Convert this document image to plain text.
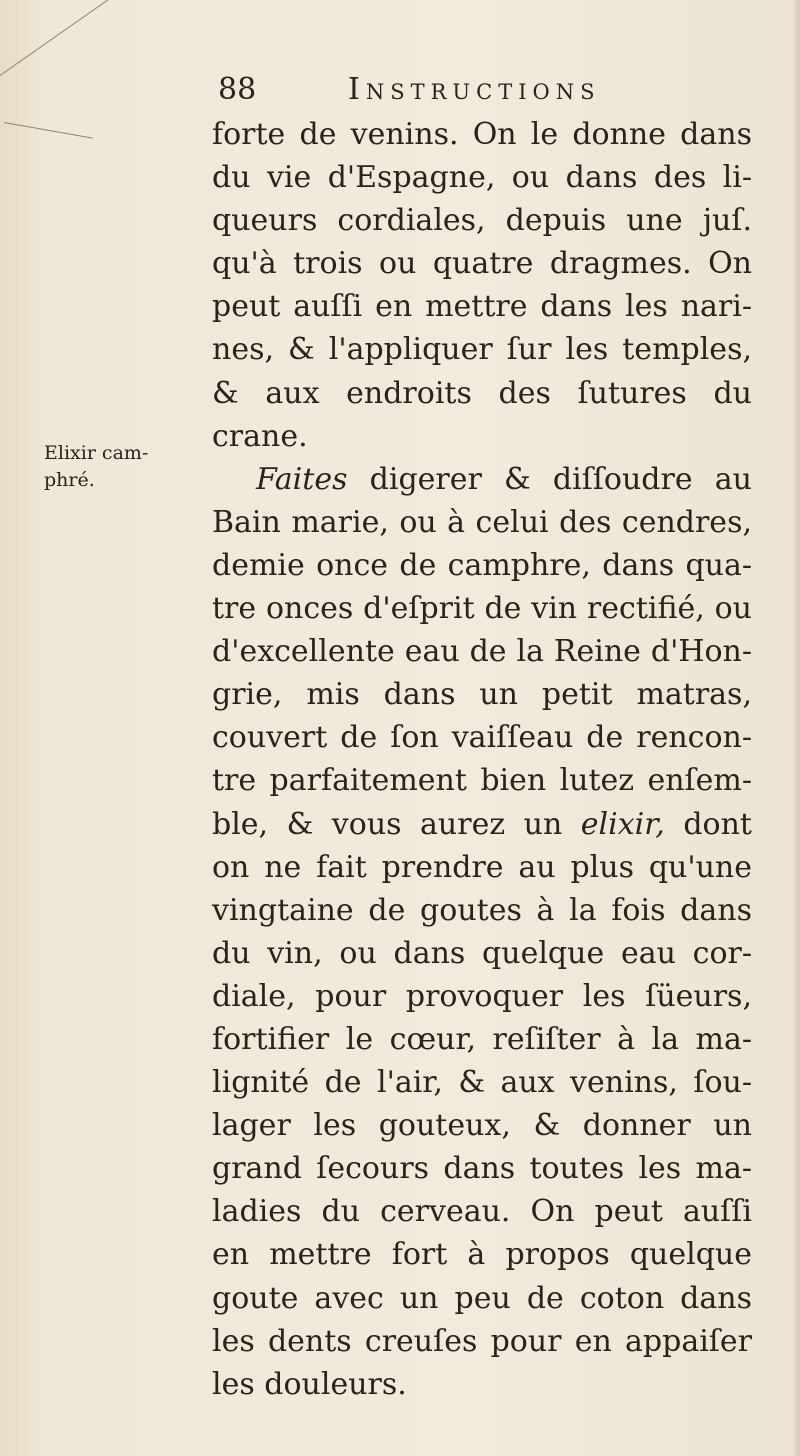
88	Instructions
Elixir cam-
phré.
forte de venins. On le donne dans
du vie d'Espagne, ou dans des li-
queurs cordiales, depuis une juſ.
qu'à trois ou quatre dragmes. On
peut auſſi en mettre dans les nari-
nes, & l'appliquer ſur les temples,
& aux endroits des ſutures du
crane.
Faites digerer & diſſoudre au
Bain marie, ou à celui des cendres,
demie once de camphre, dans qua-
tre onces d'eſprit de vin rectifié, ou
d'excellente eau de la Reine d'Hon-
grie, mis dans un petit matras,
couvert de ſon vaiſſeau de rencon-
tre parfaitement bien lutez enſem-
ble, & vous aurez un elixir, dont
on ne fait prendre au plus qu'une
vingtaine de goutes à la fois dans
du vin, ou dans quelque eau cor-
diale, pour provoquer les ſüeurs,
fortifier le cœur, reſiſter à la ma-
lignité de l'air, & aux venins, ſou-
lager les gouteux, & donner un
grand ſecours dans toutes les ma-
ladies du cerveau. On peut auſſi
en mettre fort à propos quelque
goute avec un peu de coton dans
les dents creuſes pour en appaiſer
les douleurs.
